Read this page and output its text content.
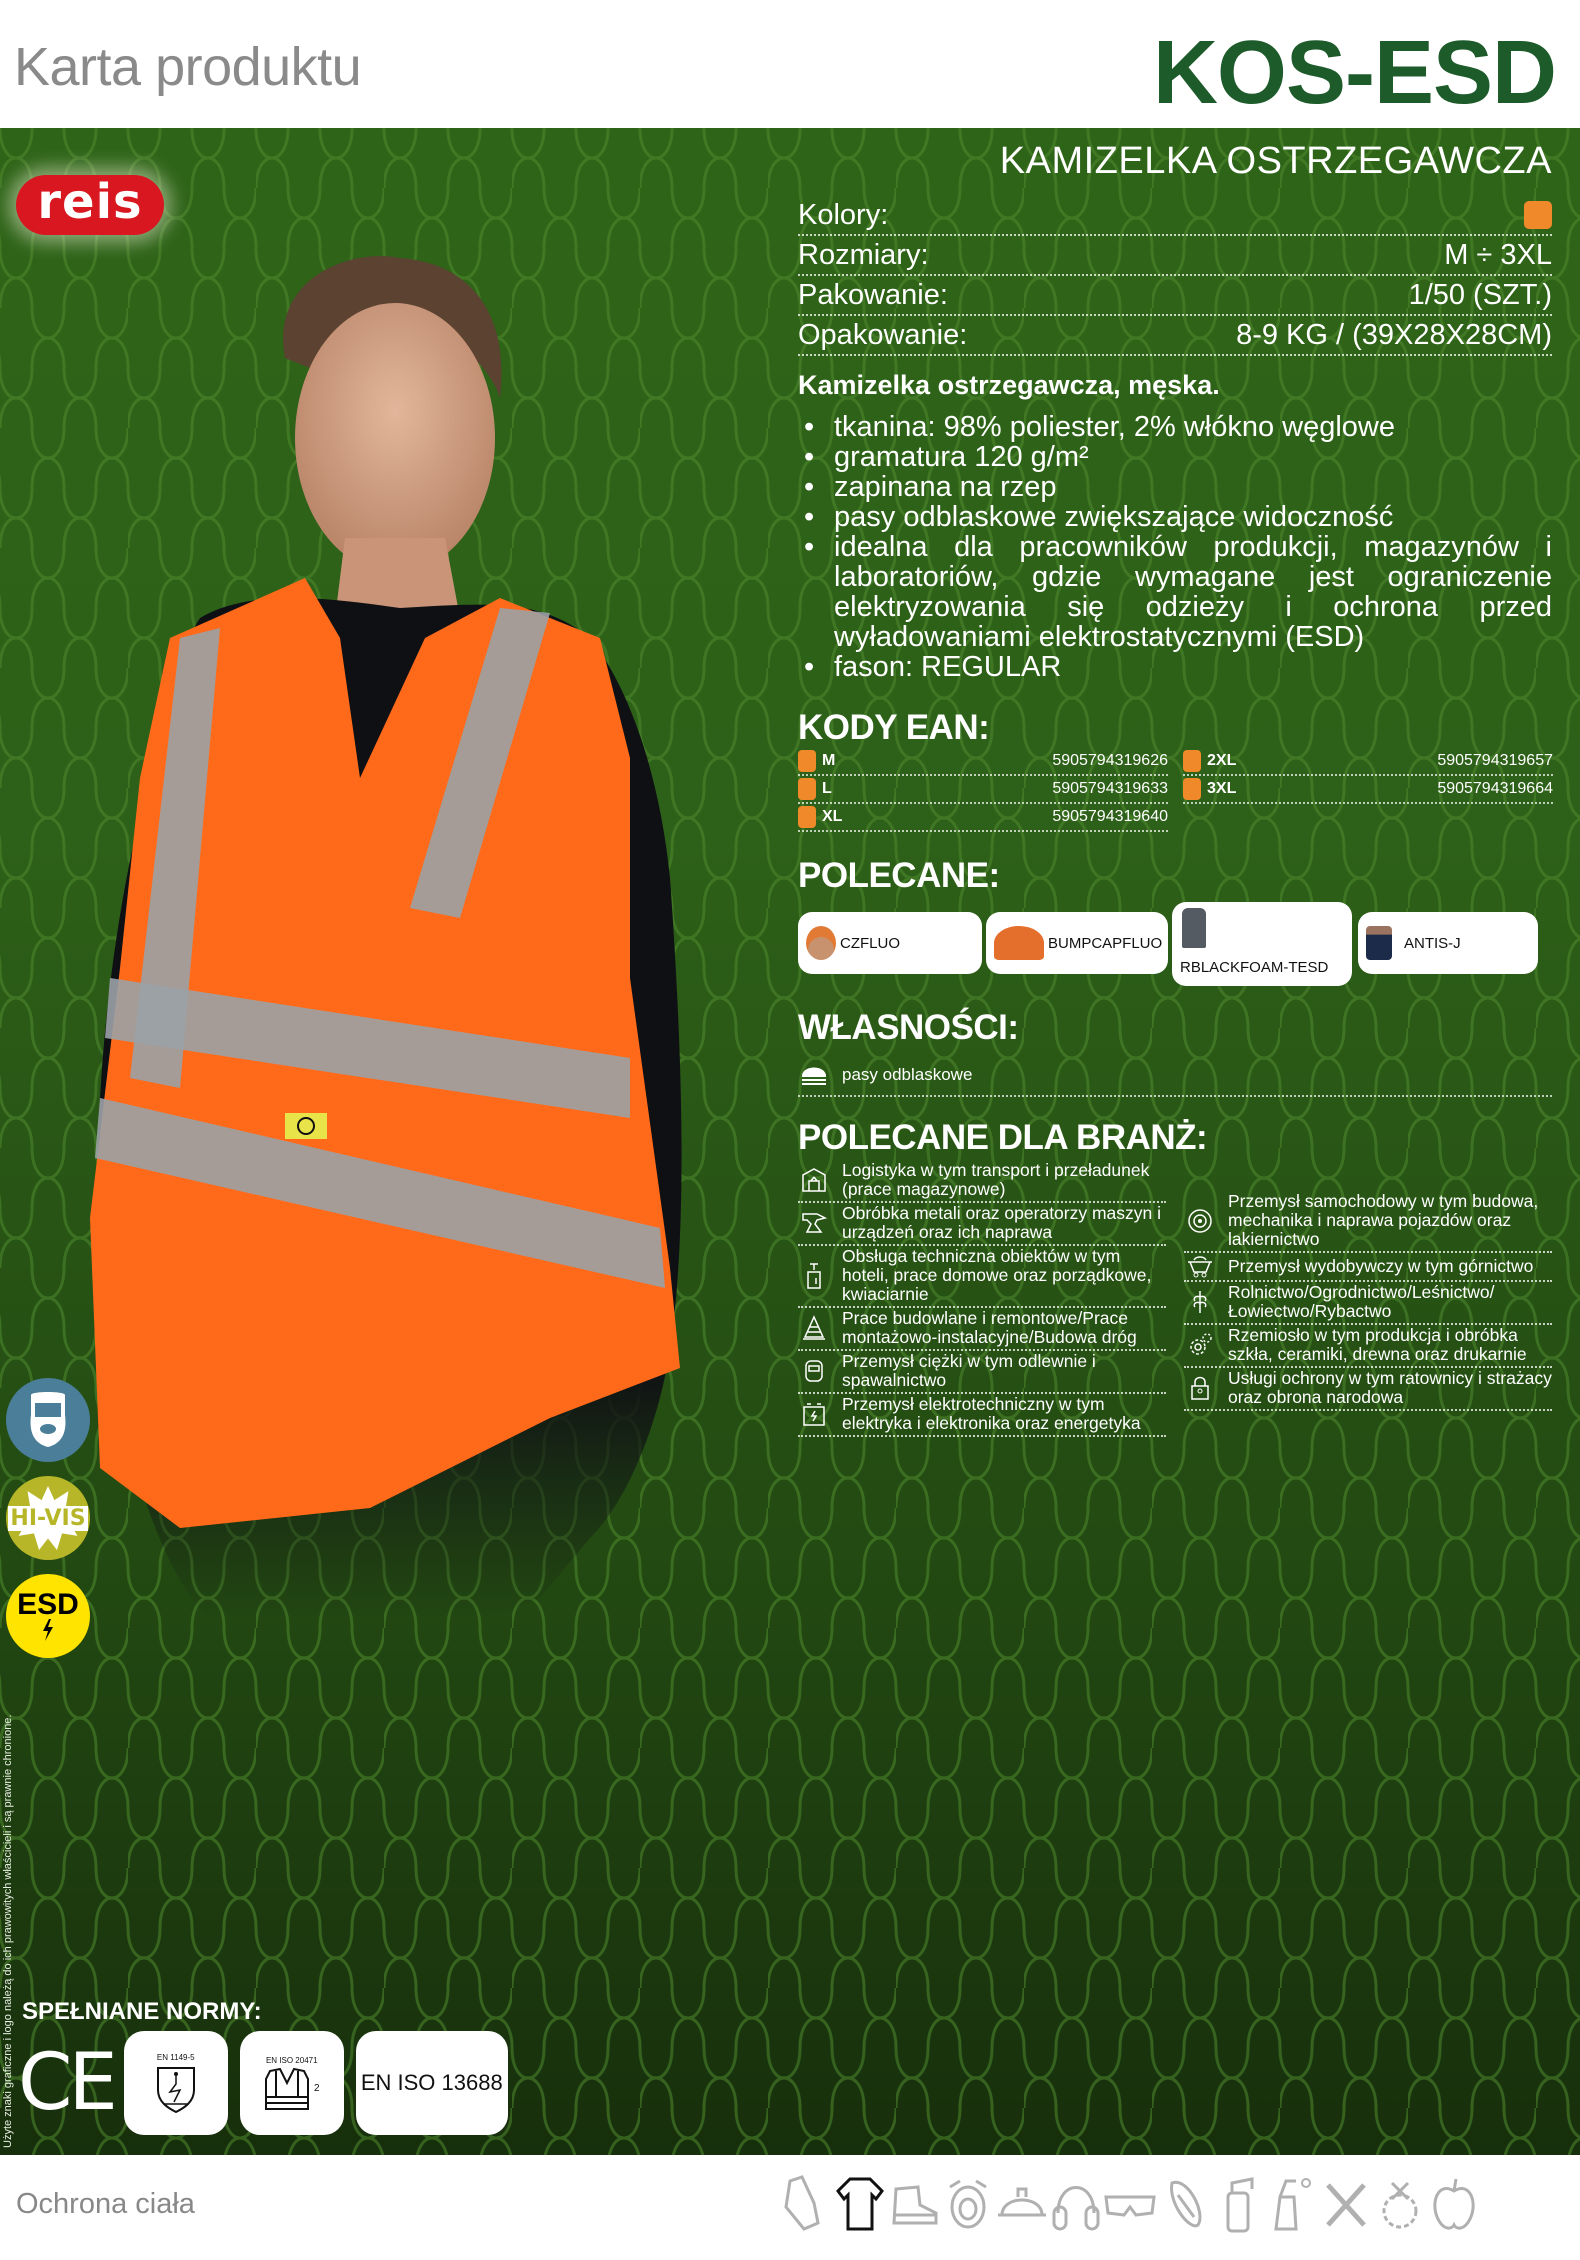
Karta produktu	KOS-ESD
reis
HI-VIS
ESD
Użyte znaki graficzne i logo należą do ich prawowitych właścicieli i są prawnie chronione.
KAMIZELKA OSTRZEGAWCZA
Kolory:
Rozmiary:	M ÷ 3XL
Pakowanie:	1/50 (SZT.)
Opakowanie:	8-9 KG / (39X28X28CM)
Kamizelka ostrzegawcza, męska.
• tkanina: 98% poliester, 2% włókno węglowe
• gramatura 120 g/m²
• zapinana na rzep
• pasy odblaskowe zwiększające widoczność
• idealna dla pracowników produkcji, magazynów i laboratoriów, gdzie wymagane jest ograniczenie elektryzowania się odzieży i ochrona przed wyładowaniami elektrostatycznymi (ESD)
• fason: REGULAR
KODY EAN:
M	5905794319626
L	5905794319633
XL	5905794319640
2XL	5905794319657
3XL	5905794319664
POLECANE:
CZFLUO	BUMPCAPFLUO
RBLACKFOAM-TESD
ANTIS-J
WŁASNOŚCI:
pasy odblaskowe
POLECANE DLA BRANŻ:
Logistyka w tym transport i przeładunek (prace magazynowe)
Obróbka metali oraz operatorzy maszyn i urządzeń oraz ich naprawa
Obsługa techniczna obiektów w tym hoteli, prace domowe oraz porządkowe, kwiaciarnie
Prace budowlane i remontowe/Prace montażowo-instalacyjne/Budowa dróg
Przemysł ciężki w tym odlewnie i spawalnictwo
Przemysł elektrotechniczny w tym elektryka i elektronika oraz energetyka
Przemysł samochodowy w tym budowa, mechanika i naprawa pojazdów oraz lakiernictwo
Przemysł wydobywczy w tym górnictwo
Rolnictwo/Ogrodnictwo/Leśnictwo/Łowiectwo/Rybactwo
Rzemiosło w tym produkcja i obróbka szkła, ceramiki, drewna oraz drukarnie
Usługi ochrony w tym ratownicy i strażacy oraz obrona narodowa
SPEŁNIANE NORMY:
CE	EN 1149-5	EN ISO 20471
2 EN ISO 13688
Ochrona ciała
